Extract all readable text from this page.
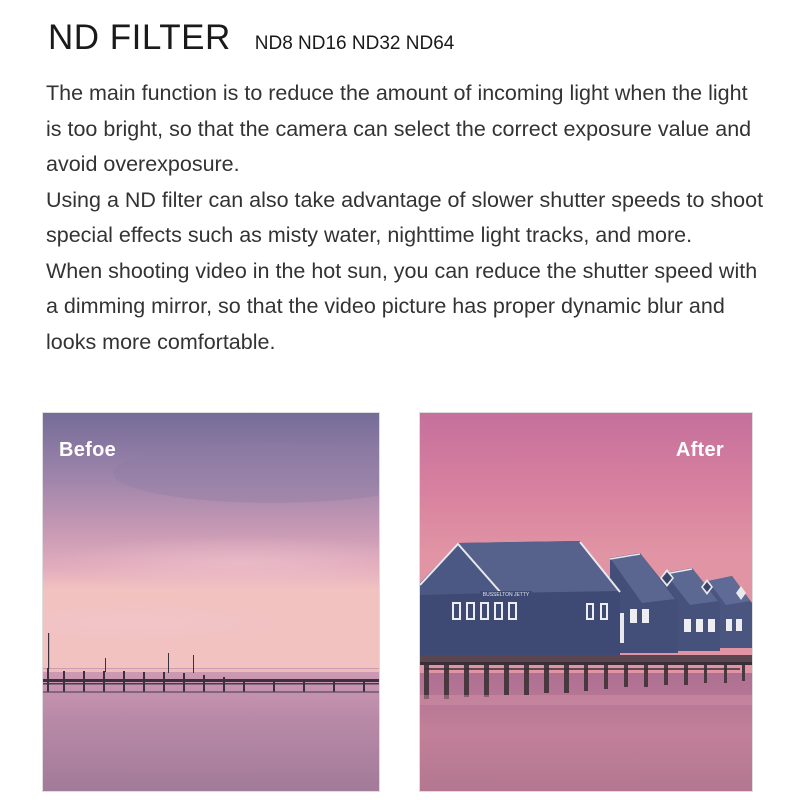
ND FILTER ND8 ND16 ND32 ND64

The main function is to reduce the amount of incoming light when the light is too bright, so that the camera can select the correct exposure value and avoid overexposure.

Using a ND filter can also take advantage of slower shutter speeds to shoot special effects such as misty water, nighttime light tracks, and more.

When shooting video in the hot sun, you can reduce the shutter speed with a dimming mirror, so that the video picture has proper dynamic blur and looks more comfortable.

Befoe
BUSSELTON JETTY
After
